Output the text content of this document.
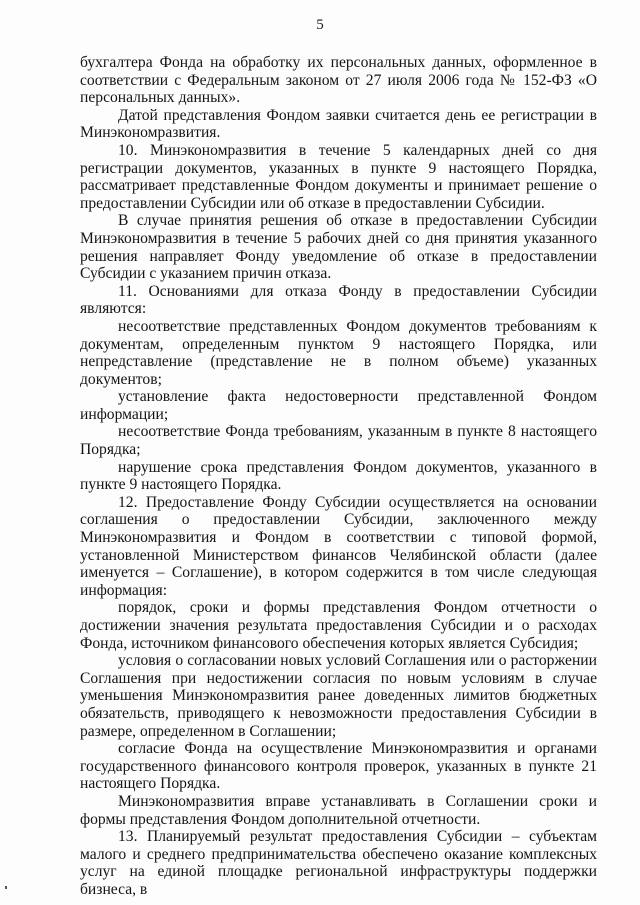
5

бухгалтера Фонда на обработку их персональных данных, оформленное в соответствии с Федеральным законом от 27 июля 2006 года № 152-ФЗ «О персональных данных».

Датой представления Фондом заявки считается день ее регистрации в Минэкономразвития.

10. Минэкономразвития в течение 5 календарных дней со дня регистрации документов, указанных в пункте 9 настоящего Порядка, рассматривает представленные Фондом документы и принимает решение о предоставлении Субсидии или об отказе в предоставлении Субсидии.

В случае принятия решения об отказе в предоставлении Субсидии Минэкономразвития в течение 5 рабочих дней со дня принятия указанного решения направляет Фонду уведомление об отказе в предоставлении Субсидии с указанием причин отказа.

11. Основаниями для отказа Фонду в предоставлении Субсидии являются:

несоответствие представленных Фондом документов требованиям к документам, определенным пунктом 9 настоящего Порядка, или непредставление (представление не в полном объеме) указанных документов;

установление факта недостоверности представленной Фондом информации;

несоответствие Фонда требованиям, указанным в пункте 8 настоящего Порядка;

нарушение срока представления Фондом документов, указанного в пункте 9 настоящего Порядка.

12. Предоставление Фонду Субсидии осуществляется на основании соглашения о предоставлении Субсидии, заключенного между Минэкономразвития и Фондом в соответствии с типовой формой, установленной Министерством финансов Челябинской области (далее именуется – Соглашение), в котором содержится в том числе следующая информация:

порядок, сроки и формы представления Фондом отчетности о достижении значения результата предоставления Субсидии и о расходах Фонда, источником финансового обеспечения которых является Субсидия;

условия о согласовании новых условий Соглашения или о расторжении Соглашения при недостижении согласия по новым условиям в случае уменьшения Минэкономразвития ранее доведенных лимитов бюджетных обязательств, приводящего к невозможности предоставления Субсидии в размере, определенном в Соглашении;

согласие Фонда на осуществление Минэкономразвития и органами государственного финансового контроля проверок, указанных в пункте 21 настоящего Порядка.

Минэкономразвития вправе устанавливать в Соглашении сроки и формы представления Фондом дополнительной отчетности.

13. Планируемый результат предоставления Субсидии – субъектам малого и среднего предпринимательства обеспечено оказание комплексных услуг на единой площадке региональной инфраструктуры поддержки бизнеса, в
